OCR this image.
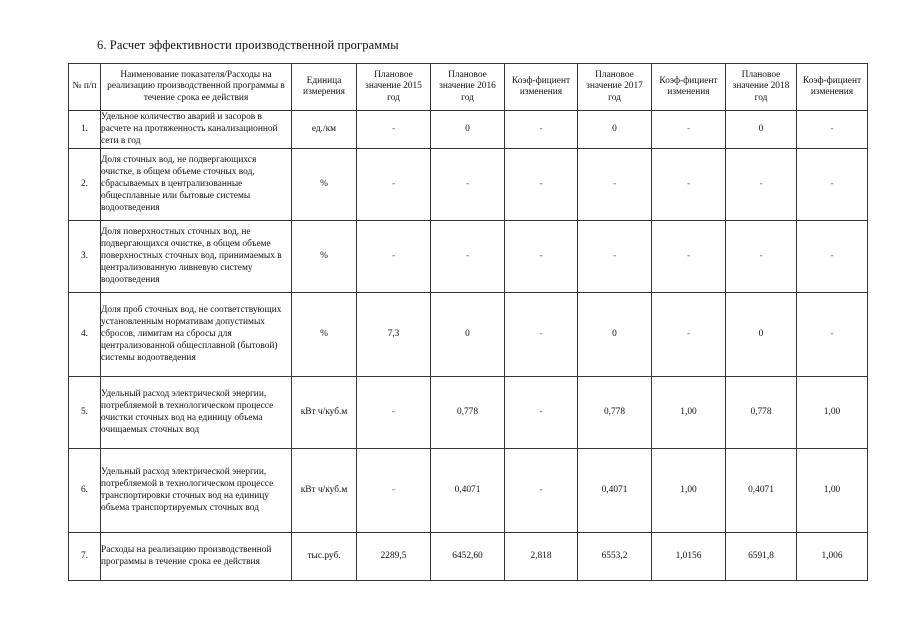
6. Расчет эффективности производственной программы
№ п/п	Наименование показателя/Расходы на реализацию производственной программы в течение срока ее действия	Единица измерения	Плановое значение 2015 год	Плановое значение 2016 год	Коэф-фициент изменения	Плановое значение 2017 год	Коэф-фициент изменения	Плановое значение 2018 год	Коэф-фициент изменения
1.	Удельное количество аварий и засоров в расчете на протяженность канализационной сети в год	ед./км	-	0	-	0	-	0	-
2.	Доля сточных вод, не подвергающихся очистке, в общем объеме сточных вод, сбрасываемых в централизованные общесплавные или бытовые системы водоотведения	%	-	-	-	-	-	-	-
3.	Доля поверхностных сточных вод, не подвергающихся очистке, в общем объеме поверхностных сточных вод, принимаемых в централизованную ливневую систему водоотведения	%	-	-	-	-	-	-	-
4.	Доля проб сточных вод, не соответствующих установленным нормативам допустимых сбросов, лимитам на сбросы для централизованной общесплавной (бытовой) системы водоотведения	%	7,3	0	-	0	-	0	-
5.	Удельный расход электрической энергии, потребляемой в технологическом процессе очистки сточных вод на единицу объема очищаемых сточных вод	кВт ч/куб.м	-	0,778	-	0,778	1,00	0,778	1,00
6.	Удельный расход электрической энергии, потребляемой в технологическом процессе транспортировки сточных вод на единицу объема транспортируемых сточных вод	кВт ч/куб.м	-	0,4071	-	0,4071	1,00	0,4071	1,00
7.	Расходы на реализацию производственной программы в течение срока ее действия	тыс.руб.	2289,5	6452,60	2,818	6553,2	1,0156	6591,8	1,006
